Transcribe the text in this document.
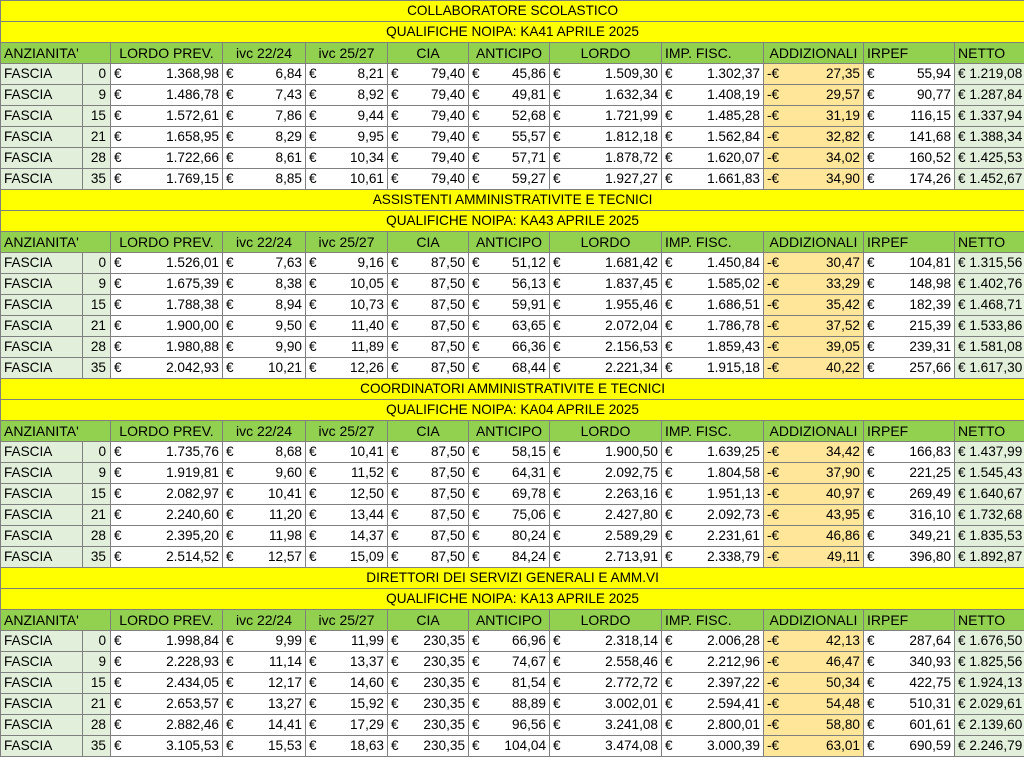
COLLABORATORE SCOLASTICO											
QUALIFICHE NOIPA: KA41 APRILE 2025											
ANZIANITA'		LORDO PREV.	ivc 22/24	ivc 25/27	CIA	ANTICIPO	LORDO	IMP. FISC.	ADDIZIONALI	IRPEF	NETTO
FASCIA	0	€ 1.368,98	€ 6,84	€ 8,21	€ 79,40	€ 45,86	€ 1.509,30	€ 1.302,37	-€ 27,35	€ 55,94	€ 1.219,08
FASCIA	9	€ 1.486,78	€ 7,43	€ 8,92	€ 79,40	€ 49,81	€ 1.632,34	€ 1.408,19	-€ 29,57	€ 90,77	€ 1.287,84
FASCIA	15	€ 1.572,61	€ 7,86	€ 9,44	€ 79,40	€ 52,68	€ 1.721,99	€ 1.485,28	-€ 31,19	€ 116,15	€ 1.337,94
FASCIA	21	€ 1.658,95	€ 8,29	€ 9,95	€ 79,40	€ 55,57	€ 1.812,18	€ 1.562,84	-€ 32,82	€ 141,68	€ 1.388,34
FASCIA	28	€ 1.722,66	€ 8,61	€ 10,34	€ 79,40	€ 57,71	€ 1.878,72	€ 1.620,07	-€ 34,02	€ 160,52	€ 1.425,53
FASCIA	35	€ 1.769,15	€ 8,85	€ 10,61	€ 79,40	€ 59,27	€ 1.927,27	€ 1.661,83	-€ 34,90	€ 174,26	€ 1.452,67
ASSISTENTI AMMINISTRATIVITE E TECNICI											
QUALIFICHE NOIPA: KA43 APRILE 2025											
ANZIANITA'		LORDO PREV.	ivc 22/24	ivc 25/27	CIA	ANTICIPO	LORDO	IMP. FISC.	ADDIZIONALI	IRPEF	NETTO
FASCIA	0	€ 1.526,01	€ 7,63	€ 9,16	€ 87,50	€ 51,12	€ 1.681,42	€ 1.450,84	-€ 30,47	€ 104,81	€ 1.315,56
FASCIA	9	€ 1.675,39	€ 8,38	€ 10,05	€ 87,50	€ 56,13	€ 1.837,45	€ 1.585,02	-€ 33,29	€ 148,98	€ 1.402,76
FASCIA	15	€ 1.788,38	€ 8,94	€ 10,73	€ 87,50	€ 59,91	€ 1.955,46	€ 1.686,51	-€ 35,42	€ 182,39	€ 1.468,71
FASCIA	21	€ 1.900,00	€ 9,50	€ 11,40	€ 87,50	€ 63,65	€ 2.072,04	€ 1.786,78	-€ 37,52	€ 215,39	€ 1.533,86
FASCIA	28	€ 1.980,88	€ 9,90	€ 11,89	€ 87,50	€ 66,36	€ 2.156,53	€ 1.859,43	-€ 39,05	€ 239,31	€ 1.581,08
FASCIA	35	€ 2.042,93	€ 10,21	€ 12,26	€ 87,50	€ 68,44	€ 2.221,34	€ 1.915,18	-€ 40,22	€ 257,66	€ 1.617,30
COORDINATORI AMMINISTRATIVITE E TECNICI											
QUALIFICHE NOIPA: KA04 APRILE 2025											
ANZIANITA'		LORDO PREV.	ivc 22/24	ivc 25/27	CIA	ANTICIPO	LORDO	IMP. FISC.	ADDIZIONALI	IRPEF	NETTO
FASCIA	0	€ 1.735,76	€ 8,68	€ 10,41	€ 87,50	€ 58,15	€ 1.900,50	€ 1.639,25	-€ 34,42	€ 166,83	€ 1.437,99
FASCIA	9	€ 1.919,81	€ 9,60	€ 11,52	€ 87,50	€ 64,31	€ 2.092,75	€ 1.804,58	-€ 37,90	€ 221,25	€ 1.545,43
FASCIA	15	€ 2.082,97	€ 10,41	€ 12,50	€ 87,50	€ 69,78	€ 2.263,16	€ 1.951,13	-€ 40,97	€ 269,49	€ 1.640,67
FASCIA	21	€ 2.240,60	€ 11,20	€ 13,44	€ 87,50	€ 75,06	€ 2.427,80	€ 2.092,73	-€ 43,95	€ 316,10	€ 1.732,68
FASCIA	28	€ 2.395,20	€ 11,98	€ 14,37	€ 87,50	€ 80,24	€ 2.589,29	€ 2.231,61	-€ 46,86	€ 349,21	€ 1.835,53
FASCIA	35	€ 2.514,52	€ 12,57	€ 15,09	€ 87,50	€ 84,24	€ 2.713,91	€ 2.338,79	-€ 49,11	€ 396,80	€ 1.892,87
DIRETTORI DEI SERVIZI GENERALI E AMM.VI											
QUALIFICHE NOIPA: KA13 APRILE 2025											
ANZIANITA'		LORDO PREV.	ivc 22/24	ivc 25/27	CIA	ANTICIPO	LORDO	IMP. FISC.	ADDIZIONALI	IRPEF	NETTO
FASCIA	0	€ 1.998,84	€ 9,99	€ 11,99	€ 230,35	€ 66,96	€ 2.318,14	€ 2.006,28	-€ 42,13	€ 287,64	€ 1.676,50
FASCIA	9	€ 2.228,93	€ 11,14	€ 13,37	€ 230,35	€ 74,67	€ 2.558,46	€ 2.212,96	-€ 46,47	€ 340,93	€ 1.825,56
FASCIA	15	€ 2.434,05	€ 12,17	€ 14,60	€ 230,35	€ 81,54	€ 2.772,72	€ 2.397,22	-€ 50,34	€ 422,75	€ 1.924,13
FASCIA	21	€ 2.653,57	€ 13,27	€ 15,92	€ 230,35	€ 88,89	€ 3.002,01	€ 2.594,41	-€ 54,48	€ 510,31	€ 2.029,61
FASCIA	28	€ 2.882,46	€ 14,41	€ 17,29	€ 230,35	€ 96,56	€ 3.241,08	€ 2.800,01	-€ 58,80	€ 601,61	€ 2.139,60
FASCIA	35	€ 3.105,53	€ 15,53	€ 18,63	€ 230,35	€ 104,04	€ 3.474,08	€ 3.000,39	-€ 63,01	€ 690,59	€ 2.246,79
